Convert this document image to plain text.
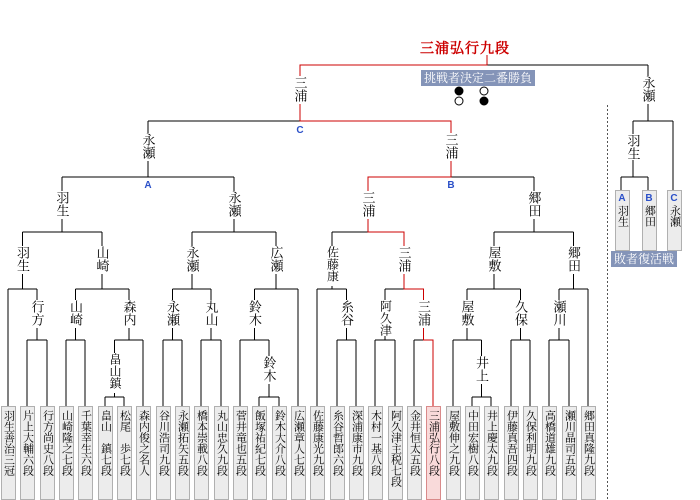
三浦弘行九段
挑戦者決定二番勝負
敗者復活戦
畠山鎮	鈴木	井上
行方 山崎	森内 永瀬 丸山 鈴木	糸谷 阿久津 三浦 屋敷	久保 瀬川
羽生	山崎	永瀬	広瀬	佐藤康	三浦	屋敷	郷田
羽生	永瀬	三浦	郷田
永瀬	三浦
三浦	永瀬
羽生
A	B
C
羽生善治三冠 片上大輔六段 行方尚史八段 山崎隆之七段 千葉幸生六段 畠山　鎮七段 松尾　歩七段 森内俊之名人 谷川浩司九段 永瀬拓矢五段 橋本崇載八段 丸山忠久九段 菅井竜也五段 飯塚祐紀七段 鈴木大介八段 広瀬章人七段 佐藤康光九段 糸谷哲郎六段 深浦康市九段 木村一基八段 阿久津主税七段 金井恒太五段 三浦弘行八段 屋敷伸之九段 中田宏樹八段 井上慶太九段 伊藤真吾四段 久保利明九段 高橋道雄九段 瀬川晶司五段 郷田真隆九段
A
羽生
B
郷田
C
永瀬
